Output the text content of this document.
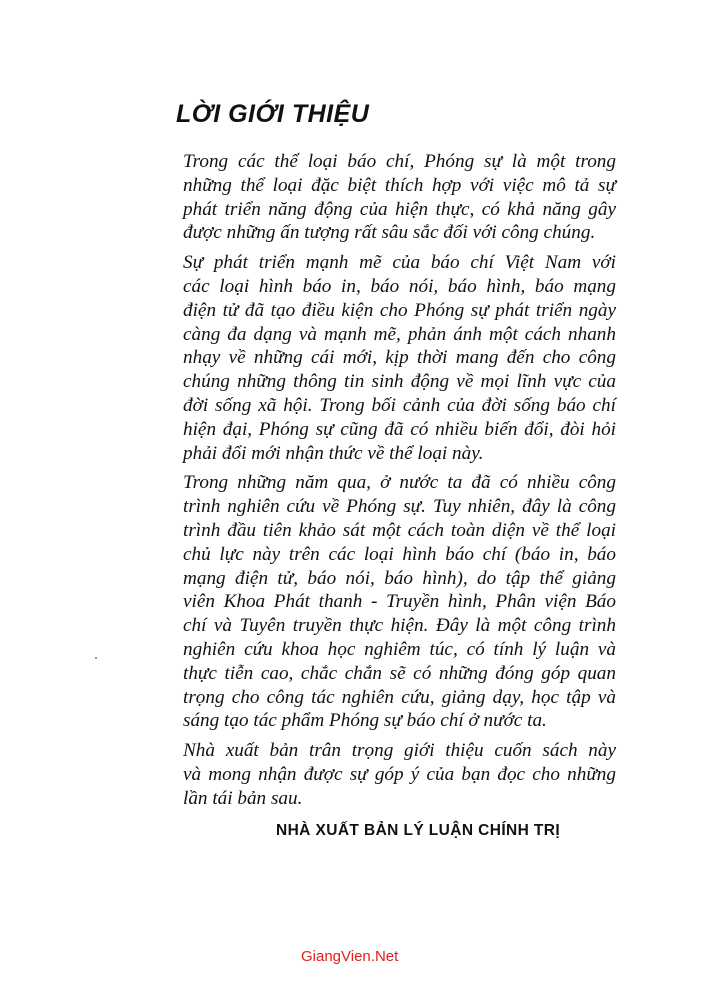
LỜI GIỚI THIỆU

Trong các thể loại báo chí, Phóng sự là một trong
những thể loại đặc biệt thích hợp với việc mô tả sự
phát triển năng động của hiện thực, có khả năng gây
được những ấn tượng rất sâu sắc đối với công chúng.

Sự phát triển mạnh mẽ của báo chí Việt Nam với
các loại hình báo in, báo nói, báo hình, báo mạng
điện tử đã tạo điều kiện cho Phóng sự phát triển ngày
càng đa dạng và mạnh mẽ, phản ánh một cách nhanh
nhạy về những cái mới, kịp thời mang đến cho công
chúng những thông tin sinh động về mọi lĩnh vực của
đời sống xã hội. Trong bối cảnh của đời sống báo chí
hiện đại, Phóng sự cũng đã có nhiều biến đổi, đòi hỏi
phải đổi mới nhận thức về thể loại này.

Trong những năm qua, ở nước ta đã có nhiều công
trình nghiên cứu về Phóng sự. Tuy nhiên, đây là công
trình đầu tiên khảo sát một cách toàn diện về thể loại
chủ lực này trên các loại hình báo chí (báo in, báo
mạng điện tử, báo nói, báo hình), do tập thể giảng
viên Khoa Phát thanh - Truyền hình, Phân viện Báo
chí và Tuyên truyền thực hiện. Đây là một công trình
nghiên cứu khoa học nghiêm túc, có tính lý luận và
thực tiễn cao, chắc chắn sẽ có những đóng góp quan
trọng cho công tác nghiên cứu, giảng dạy, học tập và
sáng tạo tác phẩm Phóng sự báo chí ở nước ta.

Nhà xuất bản trân trọng giới thiệu cuốn sách này
và mong nhận được sự góp ý của bạn đọc cho những
lần tái bản sau.

NHÀ XUẤT BẢN LÝ LUẬN CHÍNH TRỊ

GiangVien.Net
